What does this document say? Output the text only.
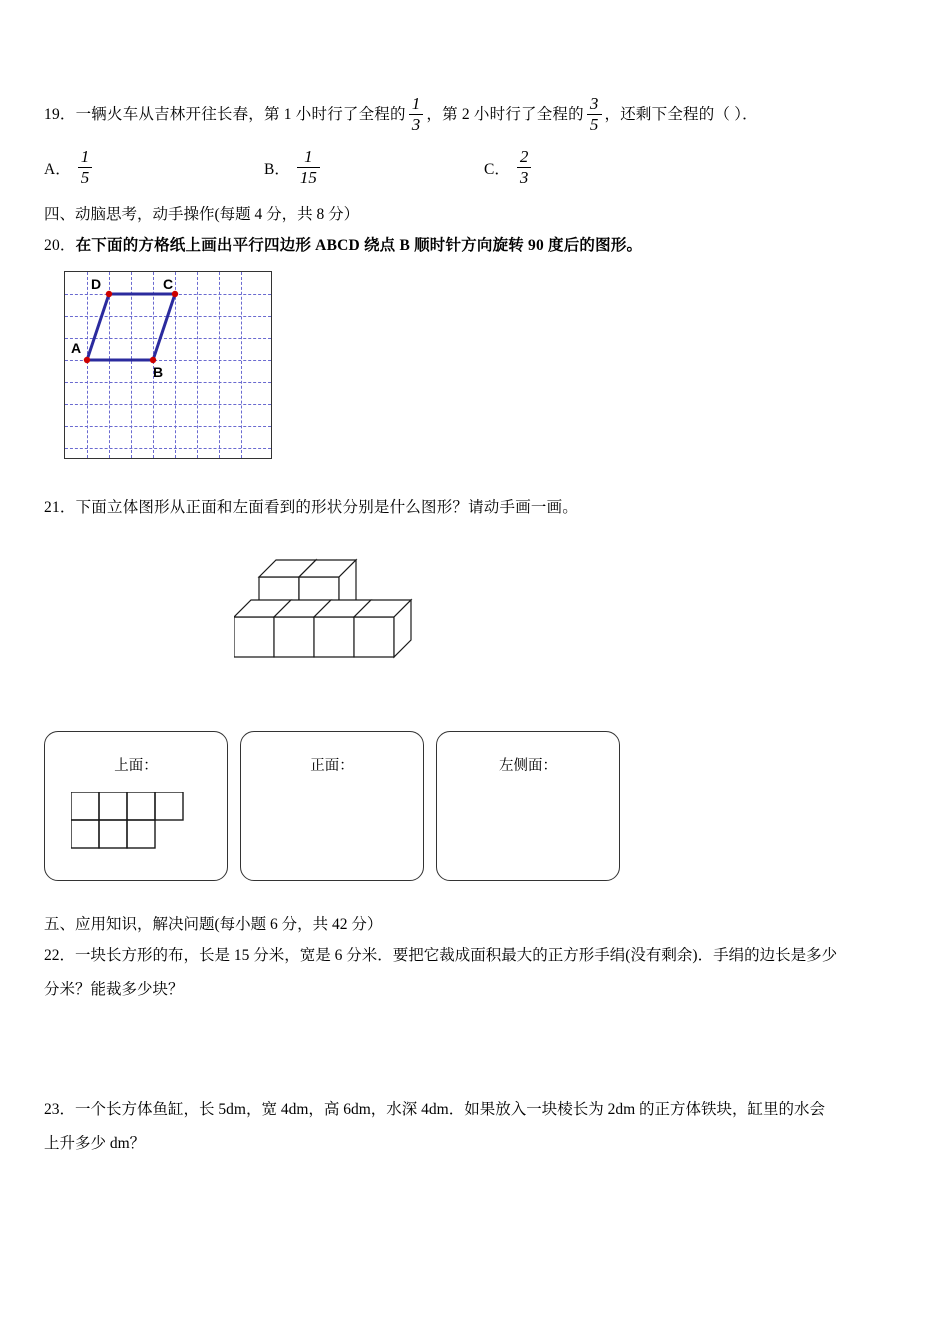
19．一辆火车从吉林开往长春，第 1 小时行了全程的 $\frac{1}{3}$ ，第 2 小时行了全程的 $\frac{3}{5}$ ，还剩下全程的（ ）．
A． $\frac{1}{5}$	B． $\frac{1}{15}$	C． $\frac{2}{3}$
四、动脑思考，动手操作(每题 4 分，共 8 分）
20．在下面的方格纸上画出平行四边形 ABCD 绕点 B 顺时针方向旋转 90 度后的图形。
D	C
A
B
21．下面立体图形从正面和左面看到的形状分别是什么图形？请动手画一画。
上面：	正面：	左侧面：
五、应用知识，解决问题(每小题 6 分，共 42 分）
22．一块长方形的布，长是 15 分米，宽是 6 分米．要把它裁成面积最大的正方形手绢(没有剩余)．手绢的边长是多少
分米？能裁多少块？
23．一个长方体鱼缸，长 5dm，宽 4dm，高 6dm，水深 4dm．如果放入一块棱长为 2dm 的正方体铁块，缸里的水会
上升多少 dm？
